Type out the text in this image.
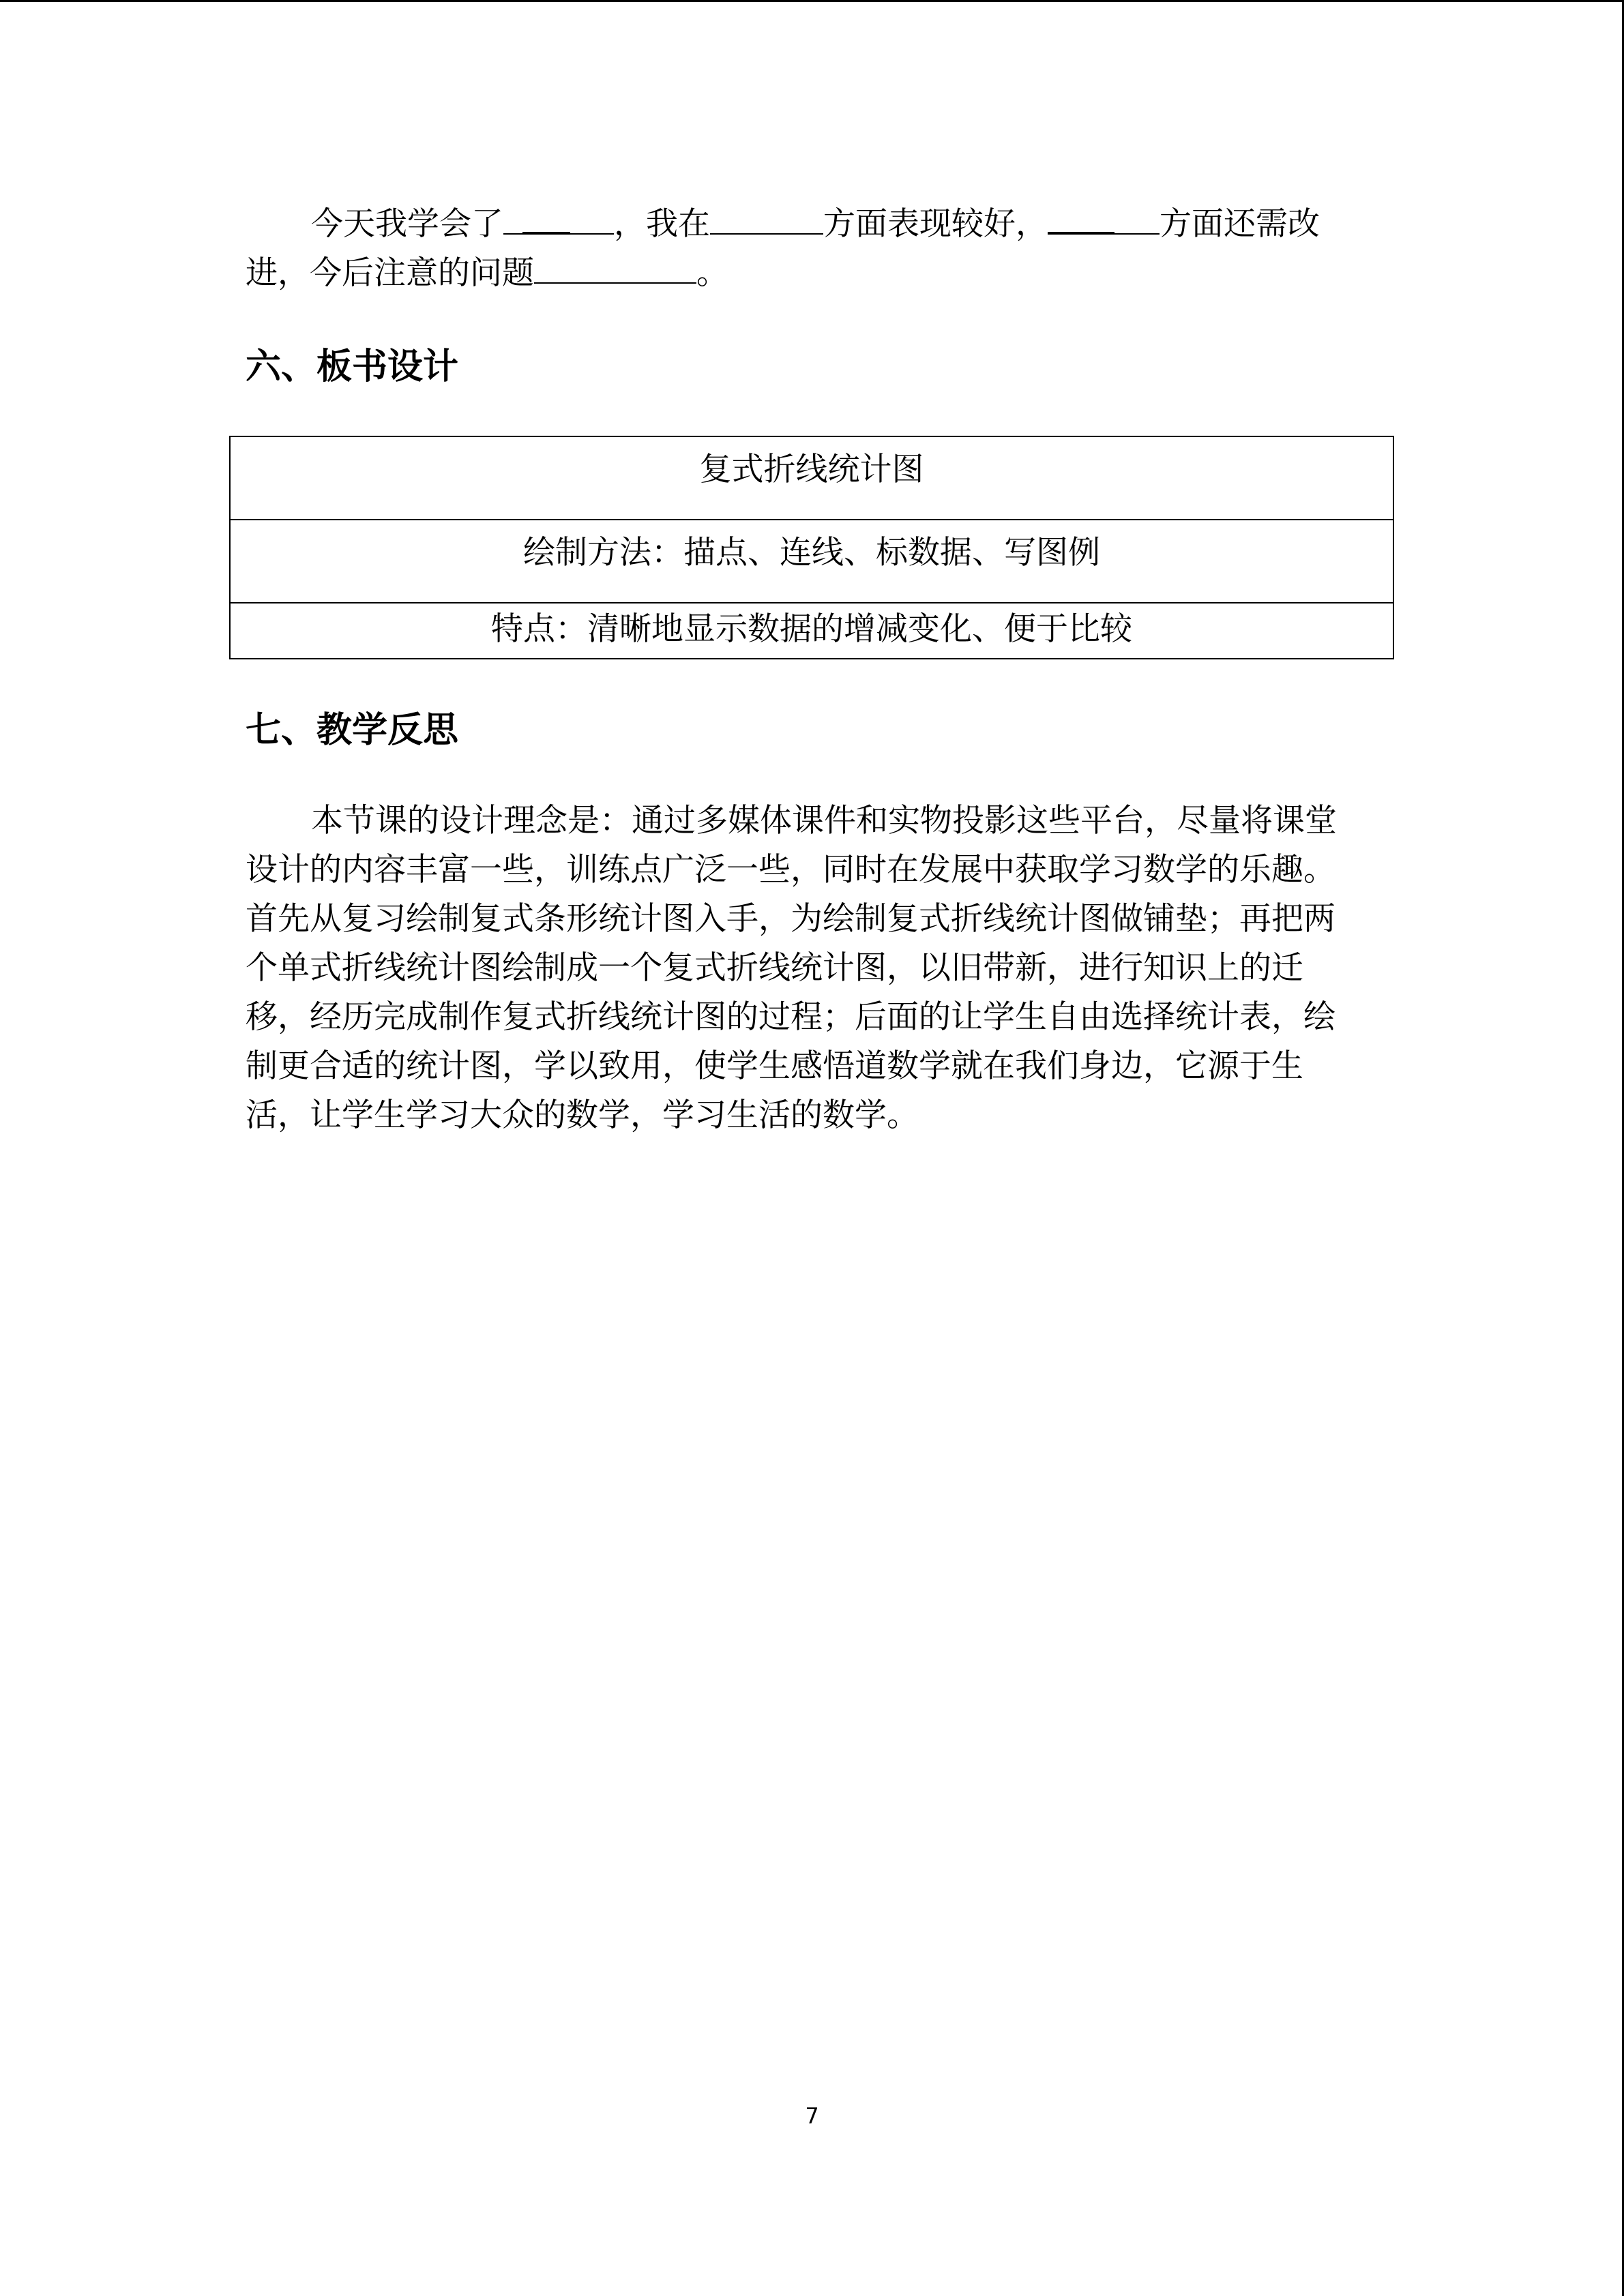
今天我学会了	，我在	方面表现较好，	方面还需改
进，今后注意的问题	。
六、板书设计
复式折线统计图
绘制方法：描点、连线、标数据、写图例
特点：清晰地显示数据的增减变化、便于比较
七、教学反思
本节课的设计理念是：通过多媒体课件和实物投影这些平台，尽量将课堂
设计的内容丰富一些，训练点广泛一些，同时在发展中获取学习数学的乐趣。
首先从复习绘制复式条形统计图入手，为绘制复式折线统计图做铺垫；再把两
个单式折线统计图绘制成一个复式折线统计图，以旧带新，进行知识上的迁
移，经历完成制作复式折线统计图的过程；后面的让学生自由选择统计表，绘
制更合适的统计图，学以致用，使学生感悟道数学就在我们身边，它源于生
活，让学生学习大众的数学，学习生活的数学。
7
